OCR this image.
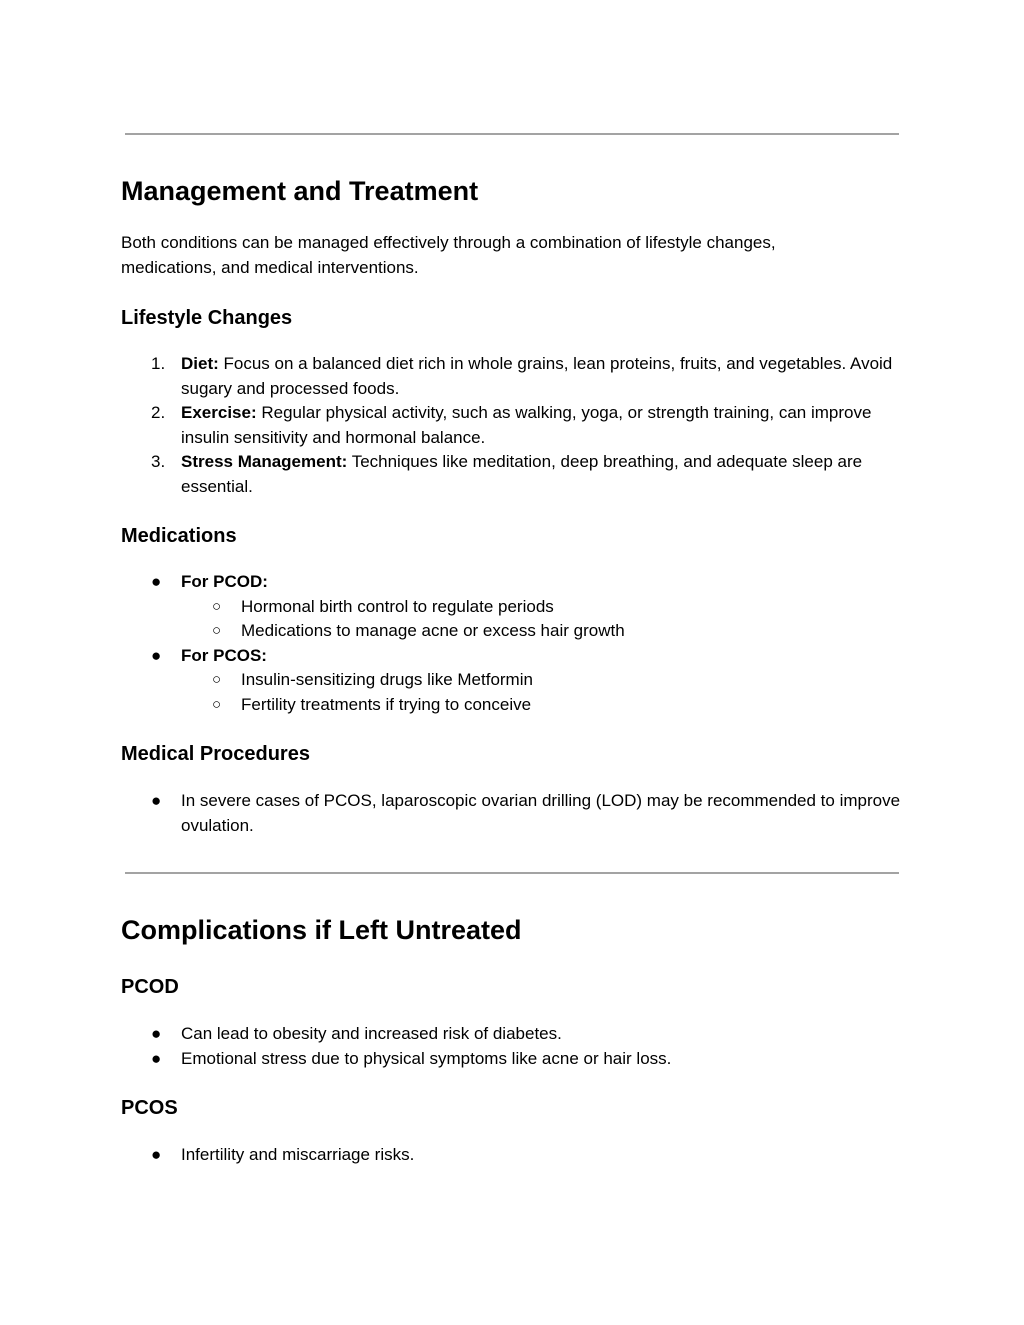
Management and Treatment

Both conditions can be managed effectively through a combination of lifestyle changes, medications, and medical interventions.

Lifestyle Changes
1. Diet: Focus on a balanced diet rich in whole grains, lean proteins, fruits, and vegetables. Avoid sugary and processed foods.
2. Exercise: Regular physical activity, such as walking, yoga, or strength training, can improve insulin sensitivity and hormonal balance.
3. Stress Management: Techniques like meditation, deep breathing, and adequate sleep are essential.
Medications
● For PCOD:
○ Hormonal birth control to regulate periods
○ Medications to manage acne or excess hair growth
● For PCOS:
○ Insulin-sensitizing drugs like Metformin
○ Fertility treatments if trying to conceive
Medical Procedures
● In severe cases of PCOS, laparoscopic ovarian drilling (LOD) may be recommended to improve ovulation.
Complications if Left Untreated
PCOD
● Can lead to obesity and increased risk of diabetes.
● Emotional stress due to physical symptoms like acne or hair loss.
PCOS
● Infertility and miscarriage risks.
